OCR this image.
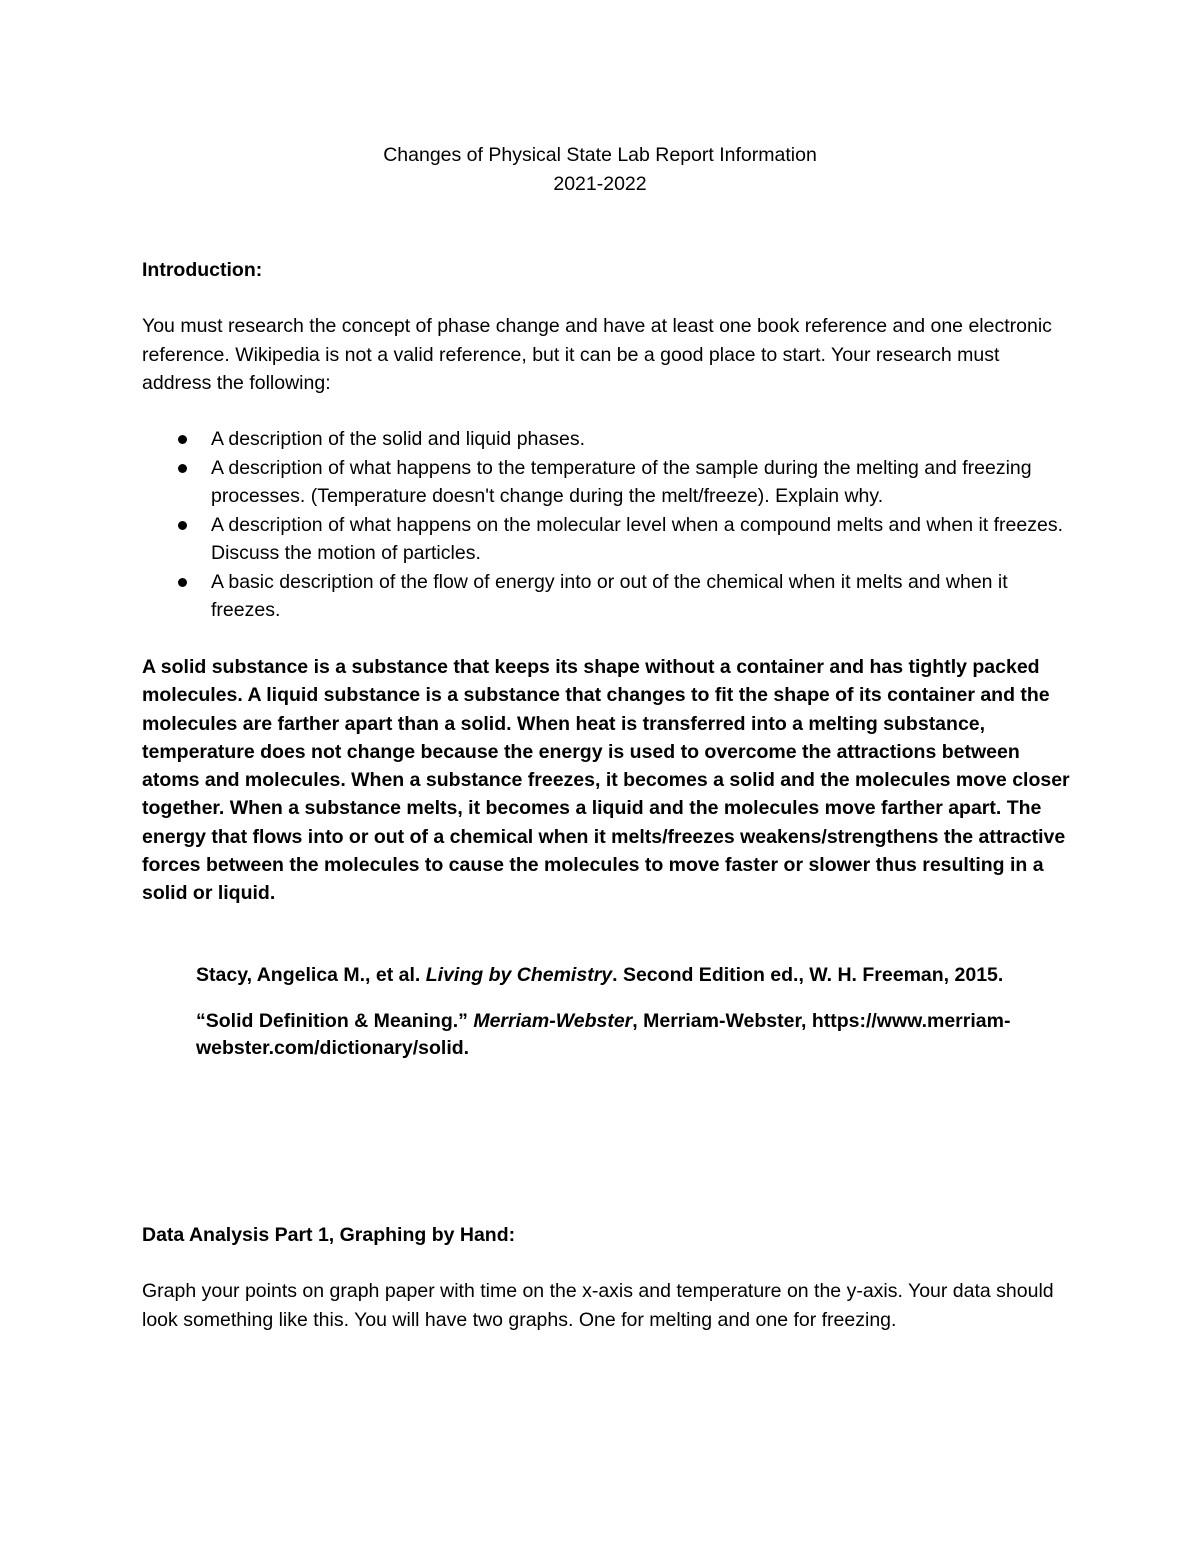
Changes of Physical State Lab Report Information
2021-2022
Introduction:

You must research the concept of phase change and have at least one book reference and one electronic reference. Wikipedia is not a valid reference, but it can be a good place to start. Your research must address the following:

A description of the solid and liquid phases.
A description of what happens to the temperature of the sample during the melting and freezing processes. (Temperature doesn't change during the melt/freeze). Explain why.
A description of what happens on the molecular level when a compound melts and when it freezes. Discuss the motion of particles.
A basic description of the flow of energy into or out of the chemical when it melts and when it freezes.

A solid substance is a substance that keeps its shape without a container and has tightly packed molecules. A liquid substance is a substance that changes to fit the shape of its container and the molecules are farther apart than a solid. When heat is transferred into a melting substance, temperature does not change because the energy is used to overcome the attractions between atoms and molecules. When a substance freezes, it becomes a solid and the molecules move closer together. When a substance melts, it becomes a liquid and the molecules move farther apart. The energy that flows into or out of a chemical when it melts/freezes weakens/strengthens the attractive forces between the molecules to cause the molecules to move faster or slower thus resulting in a solid or liquid.

Stacy, Angelica M., et al. Living by Chemistry. Second Edition ed., W. H. Freeman, 2015.

“Solid Definition & Meaning.” Merriam-Webster, Merriam-Webster, https://www.merriam-webster.com/dictionary/solid.

Data Analysis Part 1, Graphing by Hand:

Graph your points on graph paper with time on the x-axis and temperature on the y-axis. Your data should look something like this. You will have two graphs. One for melting and one for freezing.
